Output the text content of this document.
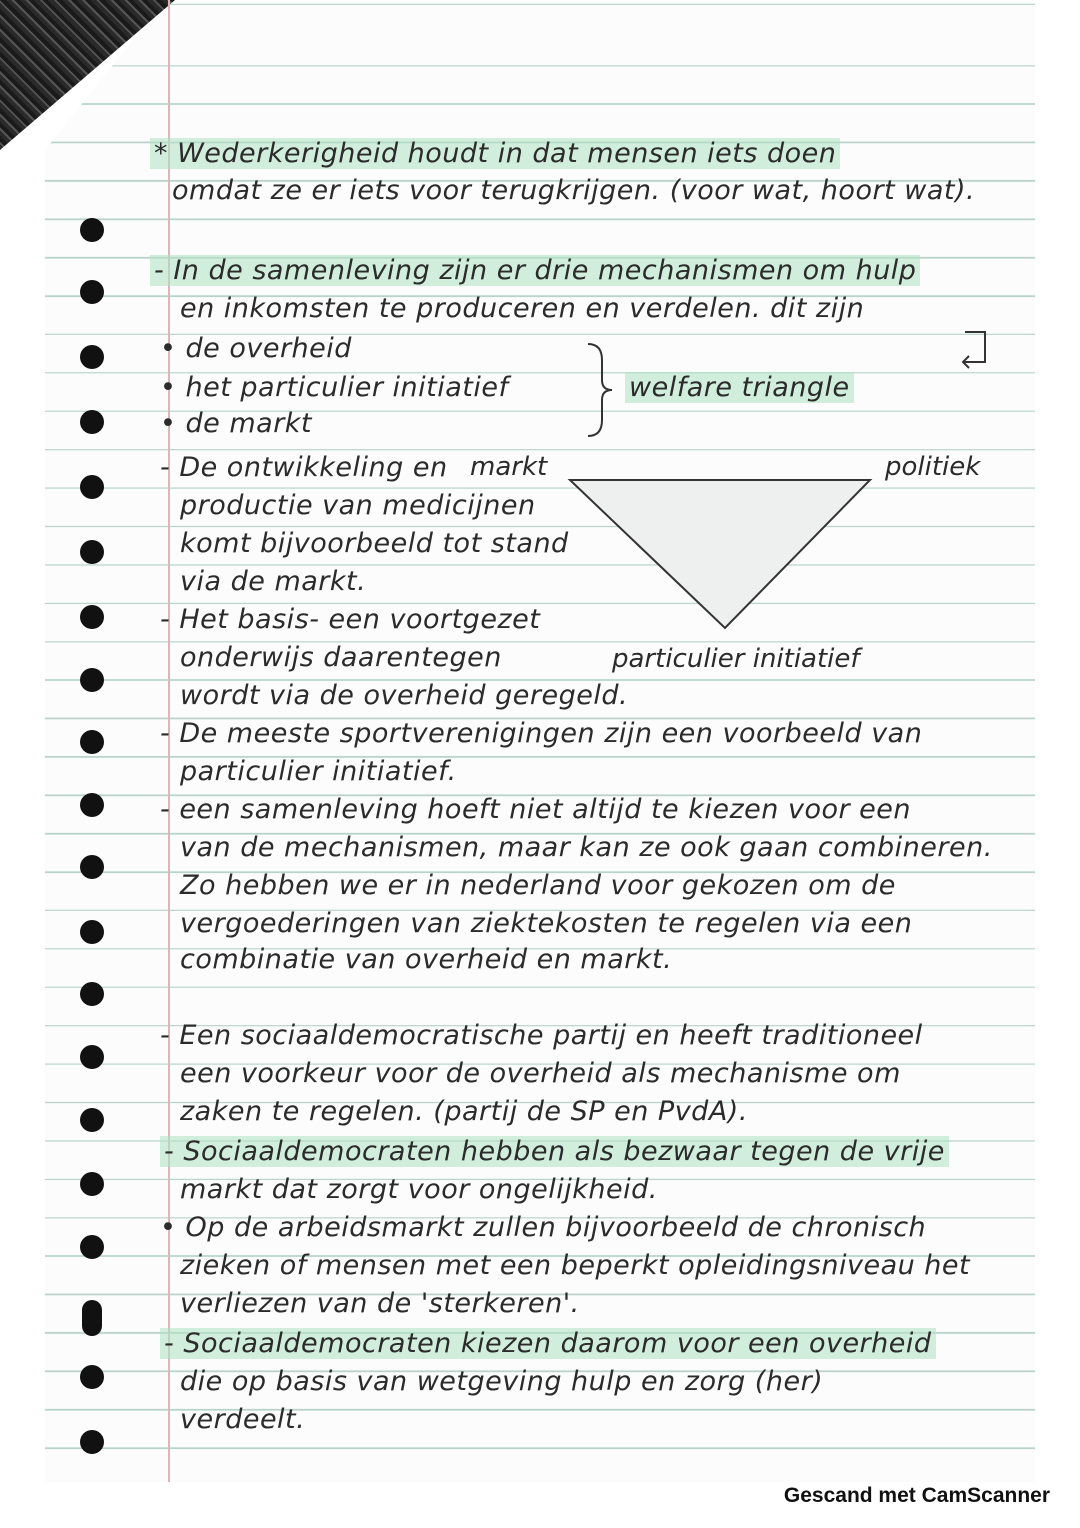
* Wederkerigheid houdt in dat mensen iets doen
omdat ze er iets voor terugkrijgen. (voor wat, hoort wat).
- In de samenleving zijn er drie mechanismen om hulp
en inkomsten te produceren en verdelen. dit zijn
• de overheid
• het particulier initiatief
• de markt
welfare triangle
- De ontwikkeling en
productie van medicijnen
komt bijvoorbeeld tot stand
via de markt.
- Het basis- een voortgezet
onderwijs daarentegen
wordt via de overheid geregeld.
markt	politiek
particulier initiatief
- De meeste sportverenigingen zijn een voorbeeld van
particulier initiatief.
- een samenleving hoeft niet altijd te kiezen voor een
van de mechanismen, maar kan ze ook gaan combineren.
Zo hebben we er in nederland voor gekozen om de
vergoederingen van ziektekosten te regelen via een
combinatie van overheid en markt.
- Een sociaaldemocratische partij en heeft traditioneel
een voorkeur voor de overheid als mechanisme om
zaken te regelen. (partij de SP en PvdA).
- Sociaaldemocraten hebben als bezwaar tegen de vrije
markt dat zorgt voor ongelijkheid.
• Op de arbeidsmarkt zullen bijvoorbeeld de chronisch
zieken of mensen met een beperkt opleidingsniveau het
verliezen van de 'sterkeren'.
- Sociaaldemocraten kiezen daarom voor een overheid
die op basis van wetgeving hulp en zorg (her)
verdeelt.
Gescand met CamScanner
